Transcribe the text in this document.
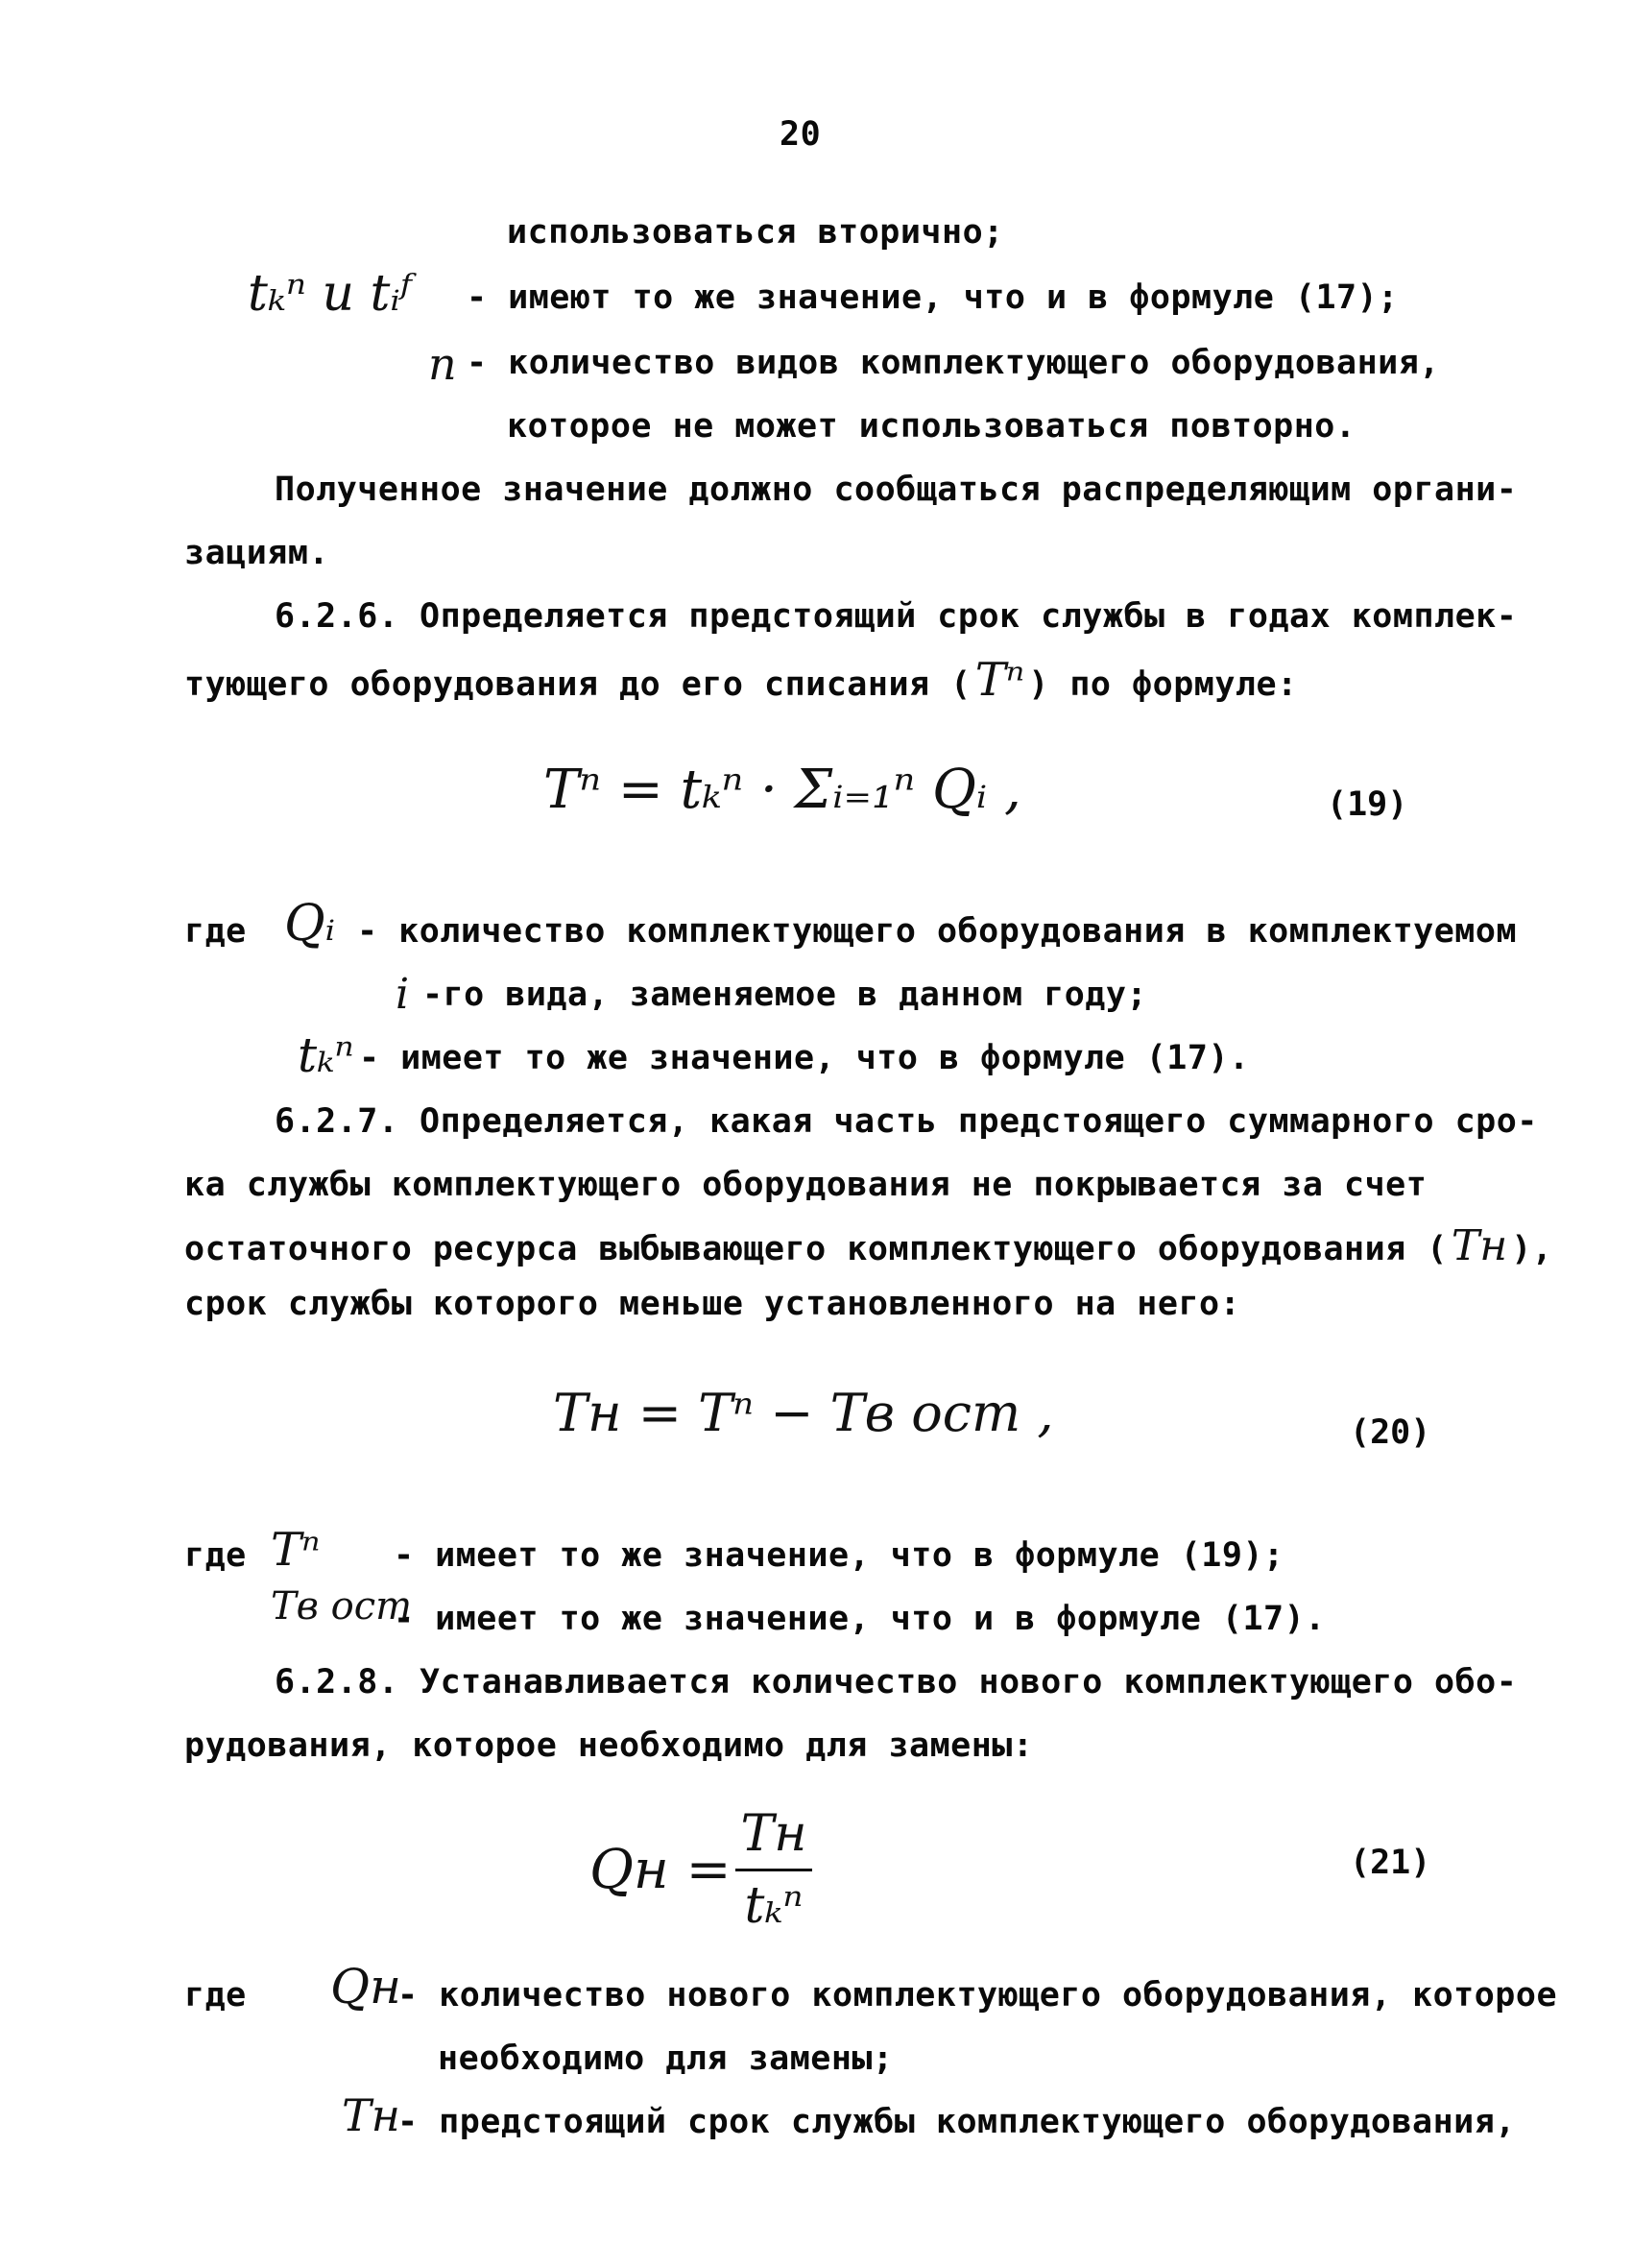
20
использоваться вторично;
tₖⁿ и tᵢᶠ - имеют то же значение, что и в формуле (17);
n - количество видов комплектующего оборудования,
которое не может использоваться повторно.
Полученное значение должно сообщаться распределяющим органи-
зациям.
6.2.6. Определяется предстоящий срок службы в годах комплек-
тующего оборудования до его списания ( Tⁿ ) по формуле:
Tⁿ = tₖⁿ · Σᵢ₌₁ⁿ Qᵢ ,	(19)
где Qᵢ - количество комплектующего оборудования в комплектуемом
i -го вида, заменяемое в данном году;
tₖⁿ - имеет то же значение, что в формуле (17).
6.2.7. Определяется, какая часть предстоящего суммарного сро-
ка службы комплектующего оборудования не покрывается за счет
остаточного ресурса выбывающего комплектующего оборудования ( Tн ),
срок службы которого меньше установленного на него:
Tн = Tⁿ − Tв ост ,	(20)
где Tⁿ - имеет то же значение, что в формуле (19);
Tв ост
- имеет то же значение, что и в формуле (17).
6.2.8. Устанавливается количество нового комплектующего обо-
рудования, которое необходимо для замены:
Qн = $\frac{Tн}{\text{tₖⁿ}}$	(21)
где Qн
- количество нового комплектующего оборудования, которое
необходимо для замены;
Tн
- предстоящий срок службы комплектующего оборудования,
